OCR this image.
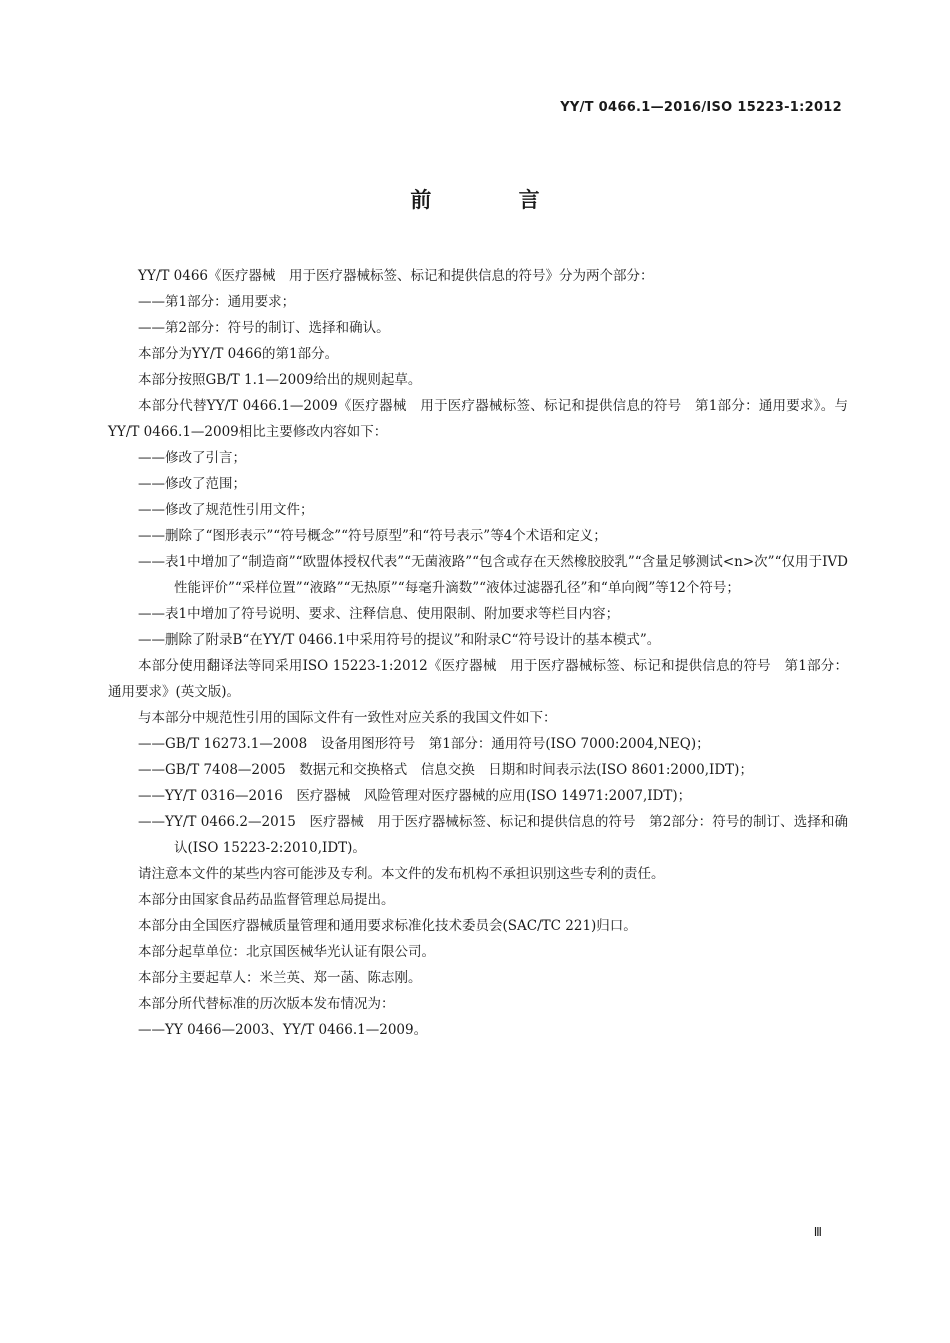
YY/T 0466.1—2016/ISO 15223-1:2012
前 言

YY/T 0466《医疗器械　用于医疗器械标签、标记和提供信息的符号》分为两个部分：

——第1部分：通用要求；

——第2部分：符号的制订、选择和确认。

本部分为YY/T 0466的第1部分。

本部分按照GB/T 1.1—2009给出的规则起草。

本部分代替YY/T 0466.1—2009《医疗器械　用于医疗器械标签、标记和提供信息的符号　第1部分：通用要求》。与YY/T 0466.1—2009相比主要修改内容如下：

——修改了引言；

——修改了范围；

——修改了规范性引用文件；

——删除了“图形表示”“符号概念”“符号原型”和“符号表示”等4个术语和定义；

——表1中增加了“制造商”“欧盟体授权代表”“无菌液路”“包含或存在天然橡胶胶乳”“含量足够测试<n>次”“仅用于IVD性能评价”“采样位置”“液路”“无热原”“每毫升滴数”“液体过滤器孔径”和“单向阀”等12个符号；

——表1中增加了符号说明、要求、注释信息、使用限制、附加要求等栏目内容；

——删除了附录B“在YY/T 0466.1中采用符号的提议”和附录C“符号设计的基本模式”。

本部分使用翻译法等同采用ISO 15223-1:2012《医疗器械　用于医疗器械标签、标记和提供信息的符号　第1部分：通用要求》(英文版)。

与本部分中规范性引用的国际文件有一致性对应关系的我国文件如下：

——GB/T 16273.1—2008　设备用图形符号　第1部分：通用符号(ISO 7000:2004,NEQ)；

——GB/T 7408—2005　数据元和交换格式　信息交换　日期和时间表示法(ISO 8601:2000,IDT)；

——YY/T 0316—2016　医疗器械　风险管理对医疗器械的应用(ISO 14971:2007,IDT)；

——YY/T 0466.2—2015　医疗器械　用于医疗器械标签、标记和提供信息的符号　第2部分：符号的制订、选择和确认(ISO 15223-2:2010,IDT)。

请注意本文件的某些内容可能涉及专利。本文件的发布机构不承担识别这些专利的责任。

本部分由国家食品药品监督管理总局提出。

本部分由全国医疗器械质量管理和通用要求标准化技术委员会(SAC/TC 221)归口。

本部分起草单位：北京国医械华光认证有限公司。

本部分主要起草人：米兰英、郑一菡、陈志刚。

本部分所代替标准的历次版本发布情况为：

——YY 0466—2003、YY/T 0466.1—2009。

Ⅲ
